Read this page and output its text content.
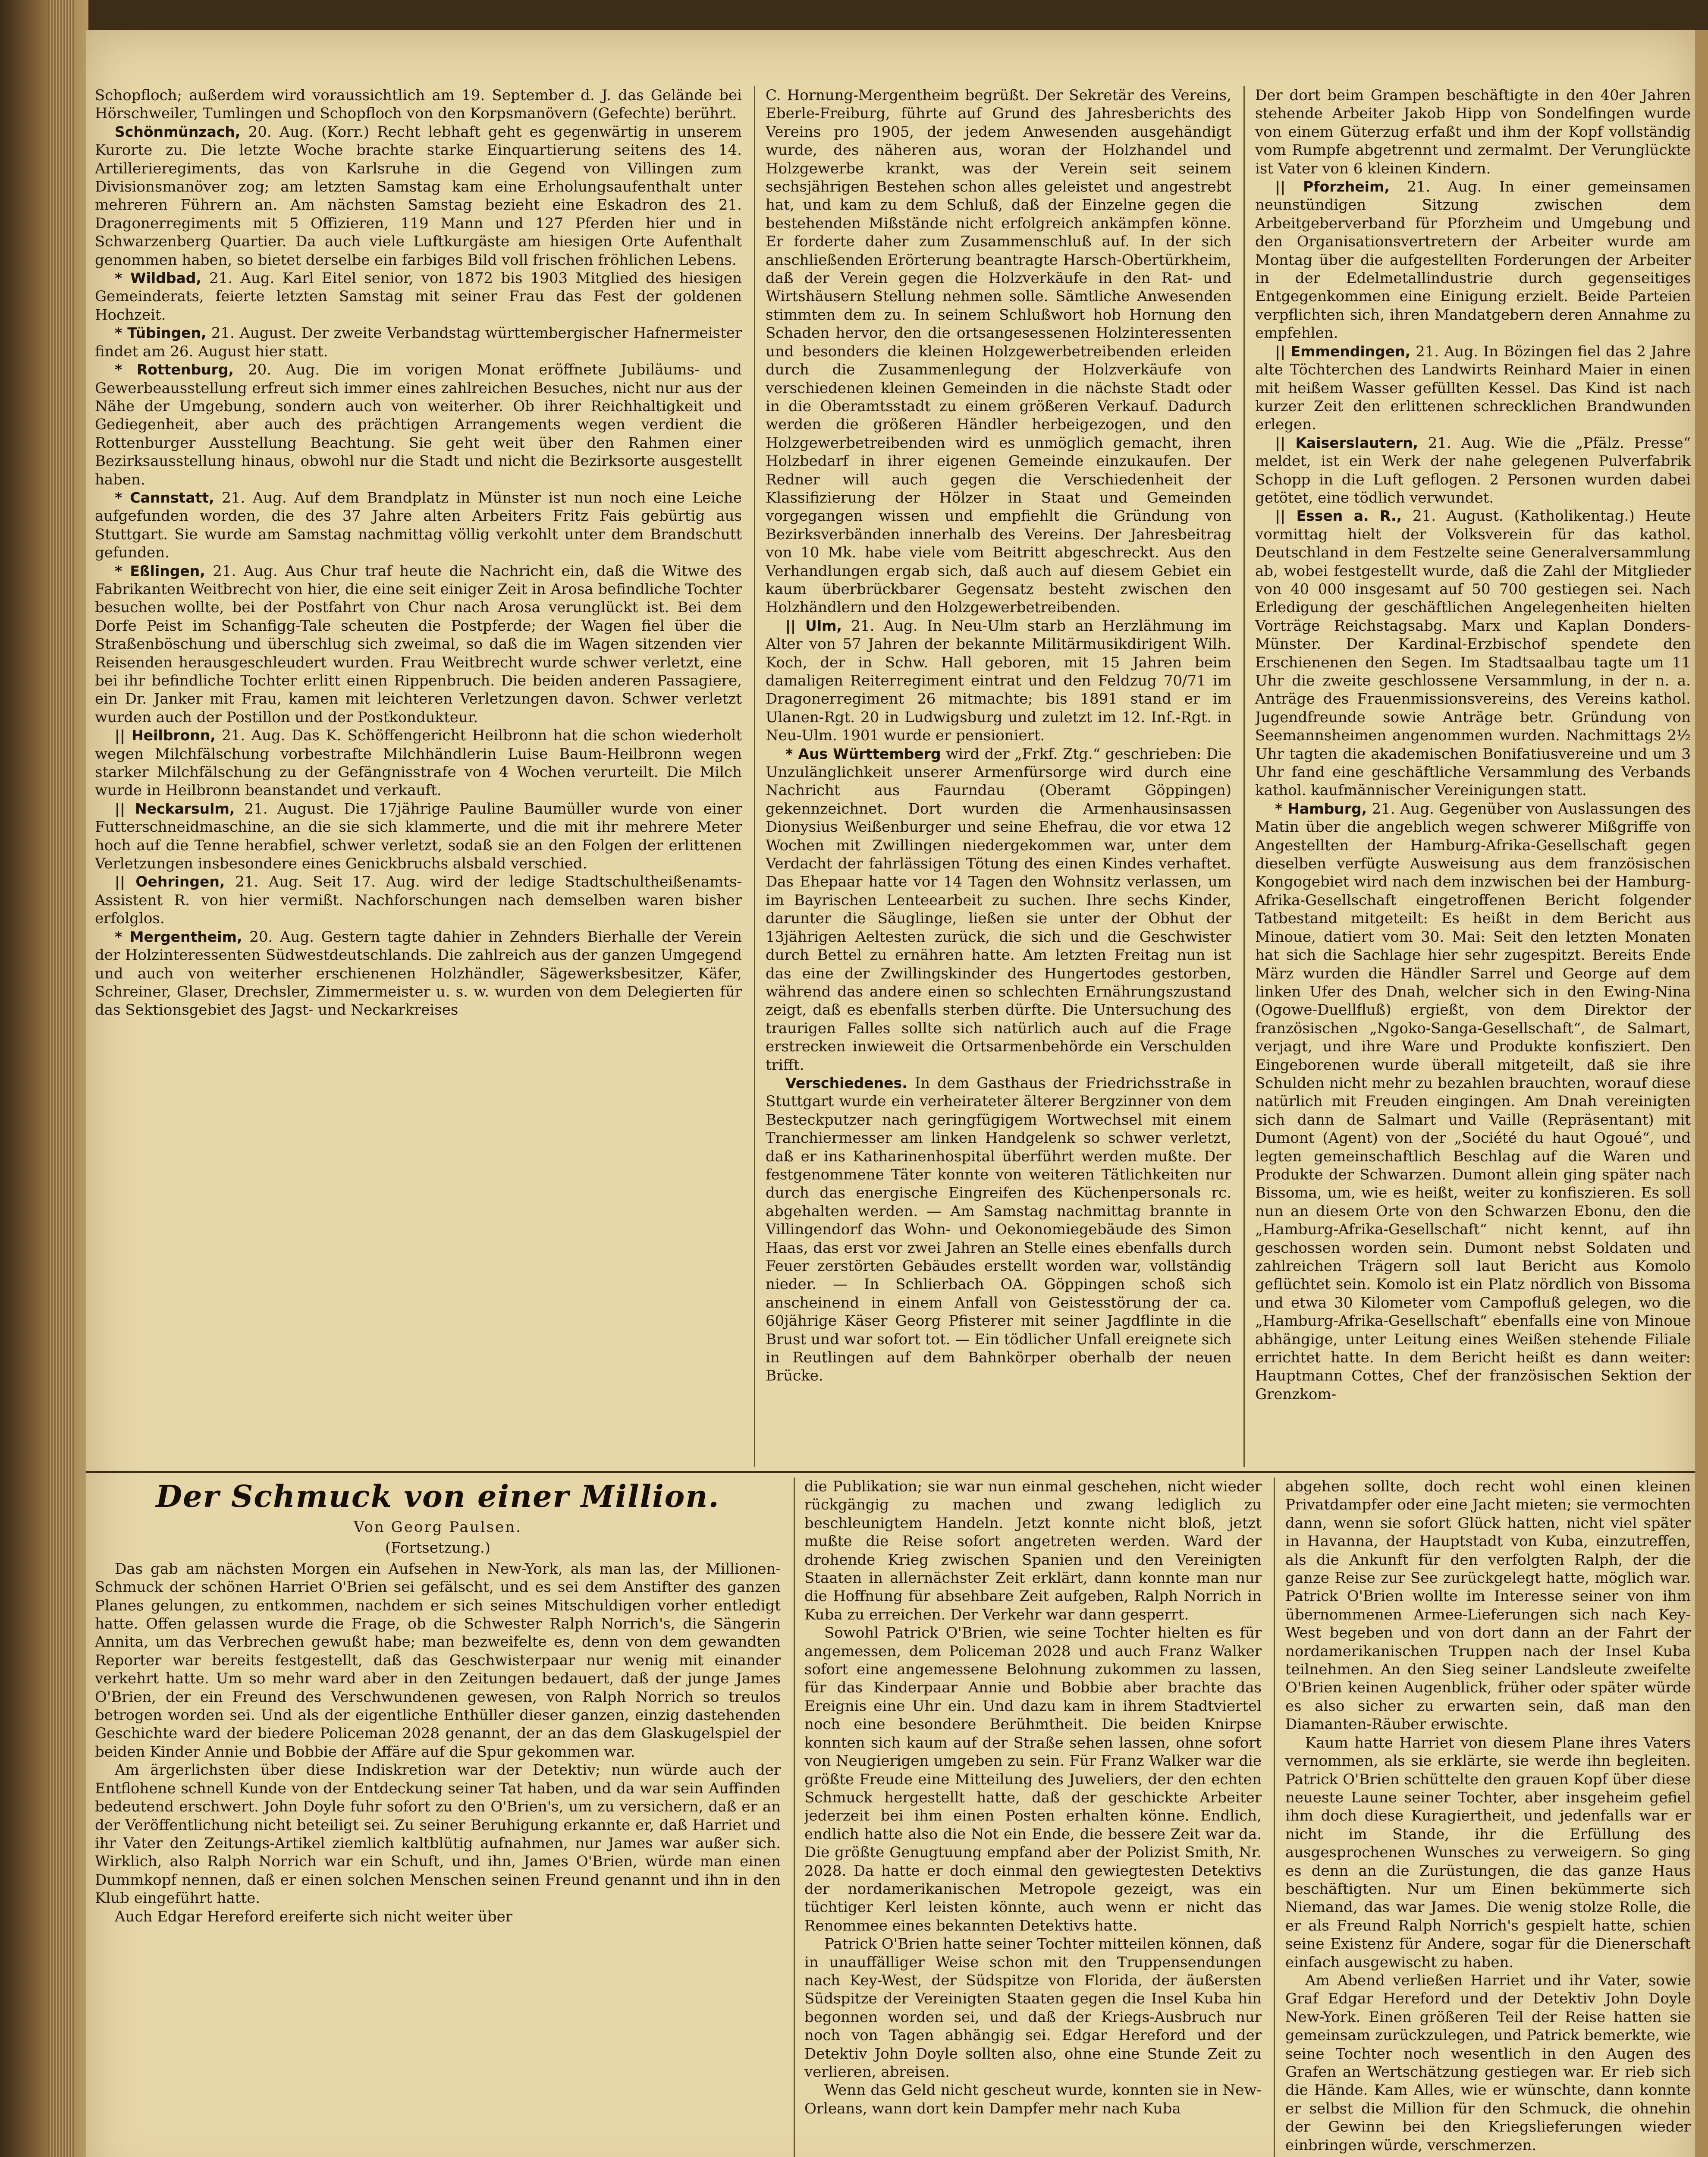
Schopfloch; außerdem wird voraussichtlich am 19. September d. J. das Gelände bei Hörschweiler, Tumlingen und Schopfloch von den Korpsmanövern (Gefechte) berührt.

Schönmünzach, 20. Aug. (Korr.) Recht lebhaft geht es gegenwärtig in unserem Kurorte zu. Die letzte Woche brachte starke Einquartierung seitens des 14. Artillerieregiments, das von Karlsruhe in die Gegend von Villingen zum Divisionsmanöver zog; am letzten Samstag kam eine Erholungsaufenthalt unter mehreren Führern an. Am nächsten Samstag bezieht eine Eskadron des 21. Dragonerregiments mit 5 Offizieren, 119 Mann und 127 Pferden hier und in Schwarzenberg Quartier. Da auch viele Luftkurgäste am hiesigen Orte Aufenthalt genommen haben, so bietet derselbe ein farbiges Bild voll frischen fröhlichen Lebens.

* Wildbad, 21. Aug. Karl Eitel senior, von 1872 bis 1903 Mitglied des hiesigen Gemeinderats, feierte letzten Samstag mit seiner Frau das Fest der goldenen Hochzeit.

* Tübingen, 21. August. Der zweite Verbandstag württembergischer Hafnermeister findet am 26. August hier statt.

* Rottenburg, 20. Aug. Die im vorigen Monat eröffnete Jubiläums- und Gewerbeausstellung erfreut sich immer eines zahlreichen Besuches, nicht nur aus der Nähe der Umgebung, sondern auch von weiterher. Ob ihrer Reichhaltigkeit und Gediegenheit, aber auch des prächtigen Arrangements wegen verdient die Rottenburger Ausstellung Beachtung. Sie geht weit über den Rahmen einer Bezirksausstellung hinaus, obwohl nur die Stadt und nicht die Bezirksorte ausgestellt haben.

* Cannstatt, 21. Aug. Auf dem Brandplatz in Münster ist nun noch eine Leiche aufgefunden worden, die des 37 Jahre alten Arbeiters Fritz Fais gebürtig aus Stuttgart. Sie wurde am Samstag nachmittag völlig verkohlt unter dem Brandschutt gefunden.

* Eßlingen, 21. Aug. Aus Chur traf heute die Nachricht ein, daß die Witwe des Fabrikanten Weitbrecht von hier, die eine seit einiger Zeit in Arosa befindliche Tochter besuchen wollte, bei der Postfahrt von Chur nach Arosa verunglückt ist. Bei dem Dorfe Peist im Schanfigg-Tale scheuten die Postpferde; der Wagen fiel über die Straßenböschung und überschlug sich zweimal, so daß die im Wagen sitzenden vier Reisenden herausgeschleudert wurden. Frau Weitbrecht wurde schwer verletzt, eine bei ihr befindliche Tochter erlitt einen Rippenbruch. Die beiden anderen Passagiere, ein Dr. Janker mit Frau, kamen mit leichteren Verletzungen davon. Schwer verletzt wurden auch der Postillon und der Postkondukteur.

|| Heilbronn, 21. Aug. Das K. Schöffengericht Heilbronn hat die schon wiederholt wegen Milchfälschung vorbestrafte Milchhändlerin Luise Baum-Heilbronn wegen starker Milchfälschung zu der Gefängnisstrafe von 4 Wochen verurteilt. Die Milch wurde in Heilbronn beanstandet und verkauft.

|| Neckarsulm, 21. August. Die 17jährige Pauline Baumüller wurde von einer Futterschneidmaschine, an die sie sich klammerte, und die mit ihr mehrere Meter hoch auf die Tenne herabfiel, schwer verletzt, sodaß sie an den Folgen der erlittenen Verletzungen insbesondere eines Genickbruchs alsbald verschied.

|| Oehringen, 21. Aug. Seit 17. Aug. wird der ledige Stadtschultheißenamts-Assistent R. von hier vermißt. Nachforschungen nach demselben waren bisher erfolglos.

* Mergentheim, 20. Aug. Gestern tagte dahier in Zehnders Bierhalle der Verein der Holzinteressenten Südwestdeutschlands. Die zahlreich aus der ganzen Umgegend und auch von weiterher erschienenen Holzhändler, Sägewerksbesitzer, Käfer, Schreiner, Glaser, Drechsler, Zimmermeister u. s. w. wurden von dem Delegierten für das Sektionsgebiet des Jagst- und Neckarkreises

C. Hornung-Mergentheim begrüßt. Der Sekretär des Vereins, Eberle-Freiburg, führte auf Grund des Jahresberichts des Vereins pro 1905, der jedem Anwesenden ausgehändigt wurde, des näheren aus, woran der Holzhandel und Holzgewerbe krankt, was der Verein seit seinem sechsjährigen Bestehen schon alles geleistet und angestrebt hat, und kam zu dem Schluß, daß der Einzelne gegen die bestehenden Mißstände nicht erfolgreich ankämpfen könne. Er forderte daher zum Zusammenschluß auf. In der sich anschließenden Erörterung beantragte Harsch-Obertürkheim, daß der Verein gegen die Holzverkäufe in den Rat- und Wirtshäusern Stellung nehmen solle. Sämtliche Anwesenden stimmten dem zu. In seinem Schlußwort hob Hornung den Schaden hervor, den die ortsangesessenen Holzinteressenten und besonders die kleinen Holzgewerbetreibenden erleiden durch die Zusammenlegung der Holzverkäufe von verschiedenen kleinen Gemeinden in die nächste Stadt oder in die Oberamtsstadt zu einem größeren Verkauf. Dadurch werden die größeren Händler herbeigezogen, und den Holzgewerbetreibenden wird es unmöglich gemacht, ihren Holzbedarf in ihrer eigenen Gemeinde einzukaufen. Der Redner will auch gegen die Verschiedenheit der Klassifizierung der Hölzer in Staat und Gemeinden vorgegangen wissen und empfiehlt die Gründung von Bezirksverbänden innerhalb des Vereins. Der Jahresbeitrag von 10 Mk. habe viele vom Beitritt abgeschreckt. Aus den Verhandlungen ergab sich, daß auch auf diesem Gebiet ein kaum überbrückbarer Gegensatz besteht zwischen den Holzhändlern und den Holzgewerbetreibenden.

|| Ulm, 21. Aug. In Neu-Ulm starb an Herzlähmung im Alter von 57 Jahren der bekannte Militärmusikdirigent Wilh. Koch, der in Schw. Hall geboren, mit 15 Jahren beim damaligen Reiterregiment eintrat und den Feldzug 70/71 im Dragonerregiment 26 mitmachte; bis 1891 stand er im Ulanen-Rgt. 20 in Ludwigsburg und zuletzt im 12. Inf.-Rgt. in Neu-Ulm. 1901 wurde er pensioniert.

* Aus Württemberg wird der „Frkf. Ztg.“ geschrieben: Die Unzulänglichkeit unserer Armenfürsorge wird durch eine Nachricht aus Faurndau (Oberamt Göppingen) gekennzeichnet. Dort wurden die Armenhausinsassen Dionysius Weißenburger und seine Ehefrau, die vor etwa 12 Wochen mit Zwillingen niedergekommen war, unter dem Verdacht der fahrlässigen Tötung des einen Kindes verhaftet. Das Ehepaar hatte vor 14 Tagen den Wohnsitz verlassen, um im Bayrischen Lenteearbeit zu suchen. Ihre sechs Kinder, darunter die Säuglinge, ließen sie unter der Obhut der 13jährigen Aeltesten zurück, die sich und die Geschwister durch Bettel zu ernähren hatte. Am letzten Freitag nun ist das eine der Zwillingskinder des Hungertodes gestorben, während das andere einen so schlechten Ernährungszustand zeigt, daß es ebenfalls sterben dürfte. Die Untersuchung des traurigen Falles sollte sich natürlich auch auf die Frage erstrecken inwieweit die Ortsarmenbehörde ein Verschulden trifft.

Verschiedenes. In dem Gasthaus der Friedrichsstraße in Stuttgart wurde ein verheirateter älterer Bergzinner von dem Besteckputzer nach geringfügigem Wortwechsel mit einem Tranchiermesser am linken Handgelenk so schwer verletzt, daß er ins Katharinenhospital überführt werden mußte. Der festgenommene Täter konnte von weiteren Tätlichkeiten nur durch das energische Eingreifen des Küchenpersonals rc. abgehalten werden. — Am Samstag nachmittag brannte in Villingendorf das Wohn- und Oekonomiegebäude des Simon Haas, das erst vor zwei Jahren an Stelle eines ebenfalls durch Feuer zerstörten Gebäudes erstellt worden war, vollständig nieder. — In Schlierbach OA. Göppingen schoß sich anscheinend in einem Anfall von Geistesstörung der ca. 60jährige Käser Georg Pfisterer mit seiner Jagdflinte in die Brust und war sofort tot. — Ein tödlicher Unfall ereignete sich in Reutlingen auf dem Bahnkörper oberhalb der neuen Brücke.

Der dort beim Grampen beschäftigte in den 40er Jahren stehende Arbeiter Jakob Hipp von Sondelfingen wurde von einem Güterzug erfaßt und ihm der Kopf vollständig vom Rumpfe abgetrennt und zermalmt. Der Verunglückte ist Vater von 6 kleinen Kindern.

|| Pforzheim, 21. Aug. In einer gemeinsamen neunstündigen Sitzung zwischen dem Arbeitgeberverband für Pforzheim und Umgebung und den Organisationsvertretern der Arbeiter wurde am Montag über die aufgestellten Forderungen der Arbeiter in der Edelmetallindustrie durch gegenseitiges Entgegenkommen eine Einigung erzielt. Beide Parteien verpflichten sich, ihren Mandatgebern deren Annahme zu empfehlen.

|| Emmendingen, 21. Aug. In Bözingen fiel das 2 Jahre alte Töchterchen des Landwirts Reinhard Maier in einen mit heißem Wasser gefüllten Kessel. Das Kind ist nach kurzer Zeit den erlittenen schrecklichen Brandwunden erlegen.

|| Kaiserslautern, 21. Aug. Wie die „Pfälz. Presse“ meldet, ist ein Werk der nahe gelegenen Pulverfabrik Schopp in die Luft geflogen. 2 Personen wurden dabei getötet, eine tödlich verwundet.

|| Essen a. R., 21. August. (Katholikentag.) Heute vormittag hielt der Volksverein für das kathol. Deutschland in dem Festzelte seine Generalversammlung ab, wobei festgestellt wurde, daß die Zahl der Mitglieder von 40 000 insgesamt auf 50 700 gestiegen sei. Nach Erledigung der geschäftlichen Angelegenheiten hielten Vorträge Reichstagsabg. Marx und Kaplan Donders-Münster. Der Kardinal-Erzbischof spendete den Erschienenen den Segen. Im Stadtsaalbau tagte um 11 Uhr die zweite geschlossene Versammlung, in der n. a. Anträge des Frauenmissionsvereins, des Vereins kathol. Jugendfreunde sowie Anträge betr. Gründung von Seemannsheimen angenommen wurden. Nachmittags 2½ Uhr tagten die akademischen Bonifatiusvereine und um 3 Uhr fand eine geschäftliche Versammlung des Verbands kathol. kaufmännischer Vereinigungen statt.

* Hamburg, 21. Aug. Gegenüber von Auslassungen des Matin über die angeblich wegen schwerer Mißgriffe von Angestellten der Hamburg-Afrika-Gesellschaft gegen dieselben verfügte Ausweisung aus dem französischen Kongogebiet wird nach dem inzwischen bei der Hamburg-Afrika-Gesellschaft eingetroffenen Bericht folgender Tatbestand mitgeteilt: Es heißt in dem Bericht aus Minoue, datiert vom 30. Mai: Seit den letzten Monaten hat sich die Sachlage hier sehr zugespitzt. Bereits Ende März wurden die Händler Sarrel und George auf dem linken Ufer des Dnah, welcher sich in den Ewing-Nina (Ogowe-Duellfluß) ergießt, von dem Direktor der französischen „Ngoko-Sanga-Gesellschaft“, de Salmart, verjagt, und ihre Ware und Produkte konfisziert. Den Eingeborenen wurde überall mitgeteilt, daß sie ihre Schulden nicht mehr zu bezahlen brauchten, worauf diese natürlich mit Freuden eingingen. Am Dnah vereinigten sich dann de Salmart und Vaille (Repräsentant) mit Dumont (Agent) von der „Société du haut Ogoué“, und legten gemeinschaftlich Beschlag auf die Waren und Produkte der Schwarzen. Dumont allein ging später nach Bissoma, um, wie es heißt, weiter zu konfiszieren. Es soll nun an diesem Orte von den Schwarzen Ebonu, den die „Hamburg-Afrika-Gesellschaft“ nicht kennt, auf ihn geschossen worden sein. Dumont nebst Soldaten und zahlreichen Trägern soll laut Bericht aus Komolo geflüchtet sein. Komolo ist ein Platz nördlich von Bissoma und etwa 30 Kilometer vom Campofluß gelegen, wo die „Hamburg-Afrika-Gesellschaft“ ebenfalls eine von Minoue abhängige, unter Leitung eines Weißen stehende Filiale errichtet hatte. In dem Bericht heißt es dann weiter: Hauptmann Cottes, Chef der französischen Sektion der Grenzkom-

Der Schmuck von einer Million.

Von Georg Paulsen.

(Fortsetzung.)

Das gab am nächsten Morgen ein Aufsehen in New-York, als man las, der Millionen-Schmuck der schönen Harriet O'Brien sei gefälscht, und es sei dem Anstifter des ganzen Planes gelungen, zu entkommen, nachdem er sich seines Mitschuldigen vorher entledigt hatte. Offen gelassen wurde die Frage, ob die Schwester Ralph Norrich's, die Sängerin Annita, um das Verbrechen gewußt habe; man bezweifelte es, denn von dem gewandten Reporter war bereits festgestellt, daß das Geschwisterpaar nur wenig mit einander verkehrt hatte. Um so mehr ward aber in den Zeitungen bedauert, daß der junge James O'Brien, der ein Freund des Verschwundenen gewesen, von Ralph Norrich so treulos betrogen worden sei. Und als der eigentliche Enthüller dieser ganzen, einzig dastehenden Geschichte ward der biedere Policeman 2028 genannt, der an das dem Glaskugelspiel der beiden Kinder Annie und Bobbie der Affäre auf die Spur gekommen war.

Am ärgerlichsten über diese Indiskretion war der Detektiv; nun würde auch der Entflohene schnell Kunde von der Entdeckung seiner Tat haben, und da war sein Auffinden bedeutend erschwert. John Doyle fuhr sofort zu den O'Brien's, um zu versichern, daß er an der Veröffentlichung nicht beteiligt sei. Zu seiner Beruhigung erkannte er, daß Harriet und ihr Vater den Zeitungs-Artikel ziemlich kaltblütig aufnahmen, nur James war außer sich. Wirklich, also Ralph Norrich war ein Schuft, und ihn, James O'Brien, würde man einen Dummkopf nennen, daß er einen solchen Menschen seinen Freund genannt und ihn in den Klub eingeführt hatte.

Auch Edgar Hereford ereiferte sich nicht weiter über

die Publikation; sie war nun einmal geschehen, nicht wieder rückgängig zu machen und zwang lediglich zu beschleunigtem Handeln. Jetzt konnte nicht bloß, jetzt mußte die Reise sofort angetreten werden. Ward der drohende Krieg zwischen Spanien und den Vereinigten Staaten in allernächster Zeit erklärt, dann konnte man nur die Hoffnung für absehbare Zeit aufgeben, Ralph Norrich in Kuba zu erreichen. Der Verkehr war dann gesperrt.

Sowohl Patrick O'Brien, wie seine Tochter hielten es für angemessen, dem Policeman 2028 und auch Franz Walker sofort eine angemessene Belohnung zukommen zu lassen, für das Kinderpaar Annie und Bobbie aber brachte das Ereignis eine Uhr ein. Und dazu kam in ihrem Stadtviertel noch eine besondere Berühmtheit. Die beiden Knirpse konnten sich kaum auf der Straße sehen lassen, ohne sofort von Neugierigen umgeben zu sein. Für Franz Walker war die größte Freude eine Mitteilung des Juweliers, der den echten Schmuck hergestellt hatte, daß der geschickte Arbeiter jederzeit bei ihm einen Posten erhalten könne. Endlich, endlich hatte also die Not ein Ende, die bessere Zeit war da. Die größte Genugtuung empfand aber der Polizist Smith, Nr. 2028. Da hatte er doch einmal den gewiegtesten Detektivs der nordamerikanischen Metropole gezeigt, was ein tüchtiger Kerl leisten könnte, auch wenn er nicht das Renommee eines bekannten Detektivs hatte.

Patrick O'Brien hatte seiner Tochter mitteilen können, daß in unauffälliger Weise schon mit den Truppensendungen nach Key-West, der Südspitze von Florida, der äußersten Südspitze der Vereinigten Staaten gegen die Insel Kuba hin begonnen worden sei, und daß der Kriegs-Ausbruch nur noch von Tagen abhängig sei. Edgar Hereford und der Detektiv John Doyle sollten also, ohne eine Stunde Zeit zu verlieren, abreisen.

Wenn das Geld nicht gescheut wurde, konnten sie in New-Orleans, wann dort kein Dampfer mehr nach Kuba

abgehen sollte, doch recht wohl einen kleinen Privatdampfer oder eine Jacht mieten; sie vermochten dann, wenn sie sofort Glück hatten, nicht viel später in Havanna, der Hauptstadt von Kuba, einzutreffen, als die Ankunft für den verfolgten Ralph, der die ganze Reise zur See zurückgelegt hatte, möglich war. Patrick O'Brien wollte im Interesse seiner von ihm übernommenen Armee-Lieferungen sich nach Key-West begeben und von dort dann an der Fahrt der nordamerikanischen Truppen nach der Insel Kuba teilnehmen. An den Sieg seiner Landsleute zweifelte O'Brien keinen Augenblick, früher oder später würde es also sicher zu erwarten sein, daß man den Diamanten-Räuber erwischte.

Kaum hatte Harriet von diesem Plane ihres Vaters vernommen, als sie erklärte, sie werde ihn begleiten. Patrick O'Brien schüttelte den grauen Kopf über diese neueste Laune seiner Tochter, aber insgeheim gefiel ihm doch diese Kuragiertheit, und jedenfalls war er nicht im Stande, ihr die Erfüllung des ausgesprochenen Wunsches zu verweigern. So ging es denn an die Zurüstungen, die das ganze Haus beschäftigten. Nur um Einen bekümmerte sich Niemand, das war James. Die wenig stolze Rolle, die er als Freund Ralph Norrich's gespielt hatte, schien seine Existenz für Andere, sogar für die Dienerschaft einfach ausgewischt zu haben.

Am Abend verließen Harriet und ihr Vater, sowie Graf Edgar Hereford und der Detektiv John Doyle New-York. Einen größeren Teil der Reise hatten sie gemeinsam zurückzulegen, und Patrick bemerkte, wie seine Tochter noch wesentlich in den Augen des Grafen an Wertschätzung gestiegen war. Er rieb sich die Hände. Kam Alles, wie er wünschte, dann konnte er selbst die Million für den Schmuck, die ohnehin der Gewinn bei den Kriegslieferungen wieder einbringen würde, verschmerzen.
